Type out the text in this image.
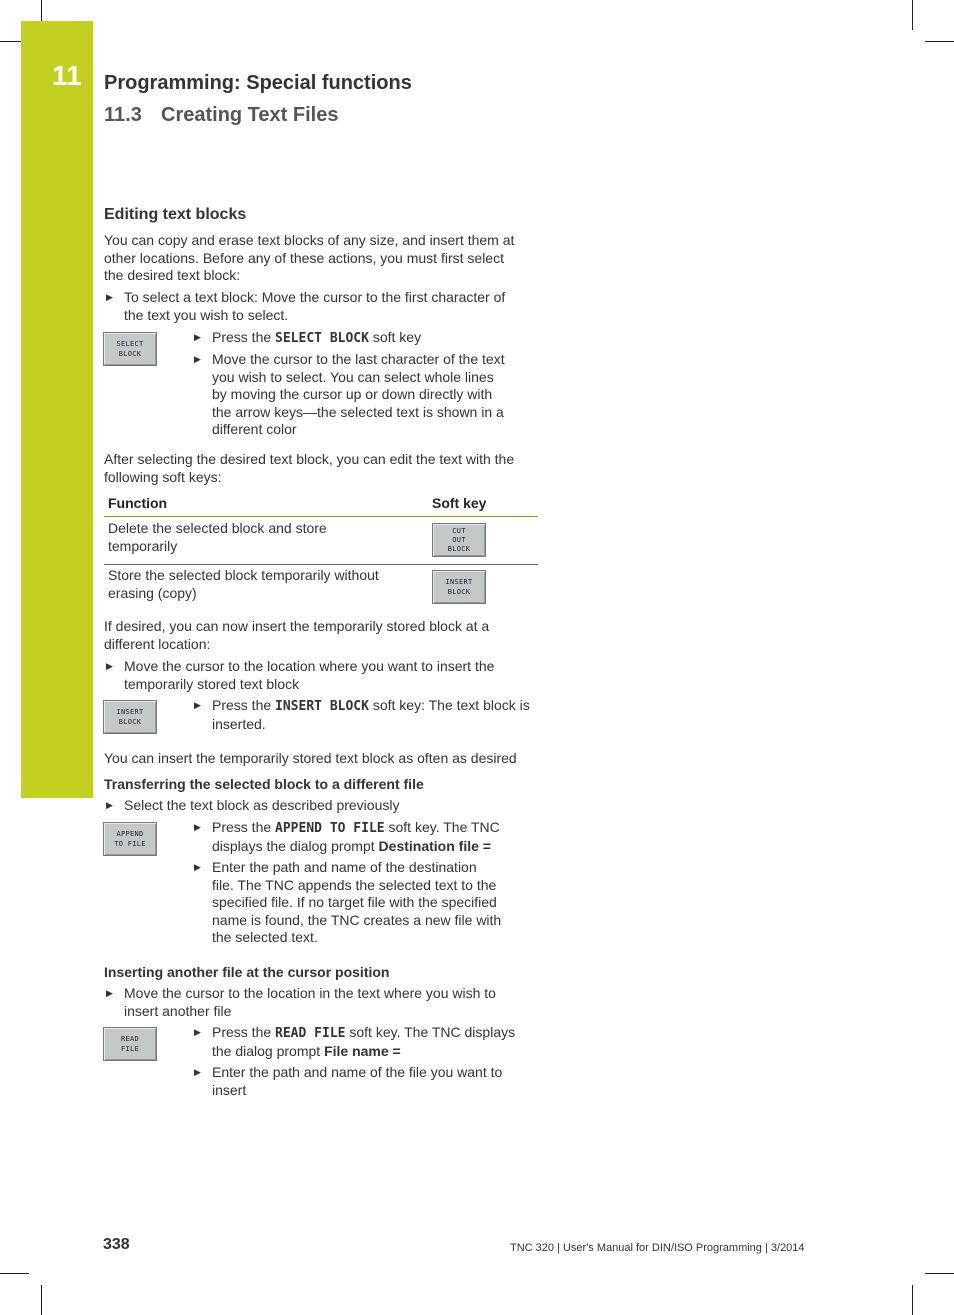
11 Programming: Special functions
11.3 Creating Text Files
Editing text blocks
You can copy and erase text blocks of any size, and insert them at
other locations. Before any of these actions, you must first select
the desired text block:
▶ To select a text block: Move the cursor to the first character of
the text you wish to select.
SELECT
BLOCK
▶ Press the SELECT BLOCK soft key
▶ Move the cursor to the last character of the text
you wish to select. You can select whole lines
by moving the cursor up or down directly with
the arrow keys—the selected text is shown in a
different color
After selecting the desired text block, you can edit the text with the
following soft keys:
Function	Soft key
Delete the selected block and store
temporarily
CUT
OUT
BLOCK
Store the selected block temporarily without
erasing (copy)
INSERT
BLOCK
If desired, you can now insert the temporarily stored block at a
different location:
▶ Move the cursor to the location where you want to insert the
temporarily stored text block
INSERT
BLOCK
▶ Press the INSERT BLOCK soft key: The text block is
inserted.
You can insert the temporarily stored text block as often as desired
Transferring the selected block to a different file
▶ Select the text block as described previously
APPEND
TO FILE
▶ Press the APPEND TO FILE soft key. The TNC
displays the dialog prompt Destination file =
▶ Enter the path and name of the destination
file. The TNC appends the selected text to the
specified file. If no target file with the specified
name is found, the TNC creates a new file with
the selected text.
Inserting another file at the cursor position
▶ Move the cursor to the location in the text where you wish to
insert another file
READ
FILE
▶ Press the READ FILE soft key. The TNC displays
the dialog prompt File name =
▶ Enter the path and name of the file you want to
insert
338	TNC 320 | User's Manual for DIN/ISO Programming | 3/2014
